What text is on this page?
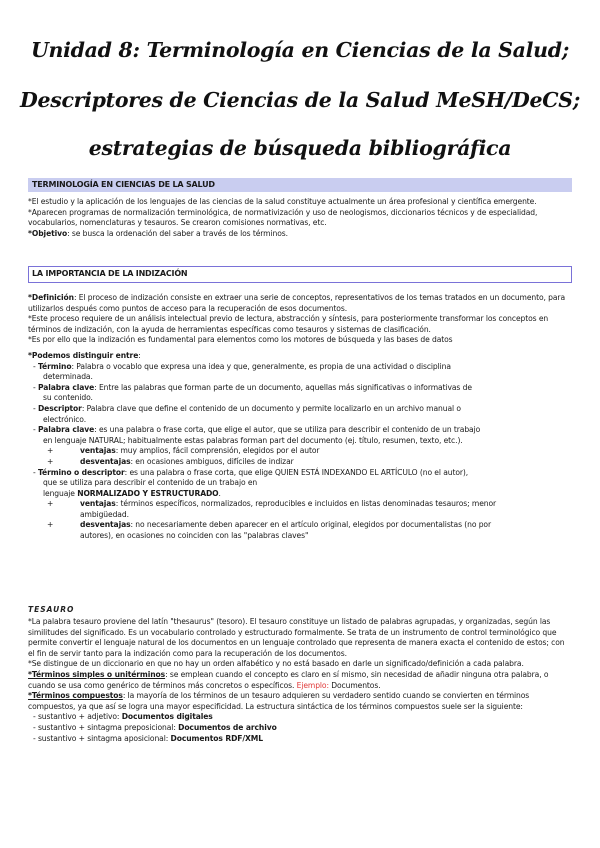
Unidad 8: Terminología en Ciencias de la Salud;
Descriptores de Ciencias de la Salud MeSH/DeCS;
estrategias de búsqueda bibliográfica
TERMINOLOGÍA EN CIENCIAS DE LA SALUD

*El estudio y la aplicación de los lenguajes de las ciencias de la salud constituye actualmente un área profesional y científica emergente.

*Aparecen programas de normalización terminológica, de normativización y uso de neologismos, diccionarios técnicos y de especialidad, vocabularios, nomenclaturas y tesauros. Se crearon comisiones normativas, etc.

*Objetivo: se busca la ordenación del saber a través de los términos.

LA IMPORTANCIA DE LA INDIZACIÓN

*Definición: El proceso de indización consiste en extraer una serie de conceptos, representativos de los temas tratados en un documento, para utilizarlos después como puntos de acceso para la recuperación de esos documentos.

*Este proceso requiere de un análisis intelectual previo de lectura, abstracción y síntesis, para posteriormente transformar los conceptos en términos de indización, con la ayuda de herramientas específicas como tesauros y sistemas de clasificación.

*Es por ello que la indización es fundamental para elementos como los motores de búsqueda y las bases de datos

*Podemos distinguir entre:

- Término: Palabra o vocablo que expresa una idea y que, generalmente, es propia de una actividad o disciplina
determinada.
- Palabra clave: Entre las palabras que forman parte de un documento, aquellas más significativas o informativas de
su contenido.
- Descriptor: Palabra clave que define el contenido de un documento y permite localizarlo en un archivo manual o
electrónico.
- Palabra clave: es una palabra o frase corta, que elige el autor, que se utiliza para describir el contenido de un trabajo
en lenguaje NATURAL; habitualmente estas palabras forman part del documento (ej. título, resumen, texto, etc.).
+	ventajas: muy amplios, fácil comprensión, elegidos por el autor
+	desventajas: en ocasiones ambiguos, difíciles de indizar
- Término o descriptor: es una palabra o frase corta, que elige QUIEN ESTÁ INDEXANDO EL ARTÍCULO (no el autor),
que se utiliza para describir el contenido de un trabajo en
lenguaje NORMALIZADO Y ESTRUCTURADO.
+	ventajas: términos específicos, normalizados, reproducibles e incluidos en listas denominadas tesauros; menor
ambigüedad.
+	desventajas: no necesariamente deben aparecer en el artículo original, elegidos por documentalistas (no por
autores), en ocasiones no coinciden con las "palabras claves"
TESAURO

*La palabra tesauro proviene del latín "thesaurus" (tesoro). El tesauro constituye un listado de palabras agrupadas, y organizadas, según las similitudes del significado. Es un vocabulario controlado y estructurado formalmente. Se trata de un instrumento de control terminológico que permite convertir el lenguaje natural de los documentos en un lenguaje controlado que representa de manera exacta el contenido de estos; con el fin de servir tanto para la indización como para la recuperación de los documentos.

*Se distingue de un diccionario en que no hay un orden alfabético y no está basado en darle un significado/definición a cada palabra.

*Términos simples o unitérminos: se emplean cuando el concepto es claro en sí mismo, sin necesidad de añadir ninguna otra palabra, o cuando se usa como genérico de términos más concretos o específicos. Ejemplo: Documentos.

*Términos compuestos: la mayoría de los términos de un tesauro adquieren su verdadero sentido cuando se convierten en términos compuestos, ya que así se logra una mayor especificidad. La estructura sintáctica de los términos compuestos suele ser la siguiente:

- sustantivo + adjetivo: Documentos digitales
- sustantivo + sintagma preposicional: Documentos de archivo
- sustantivo + sintagma aposicional: Documentos RDF/XML
